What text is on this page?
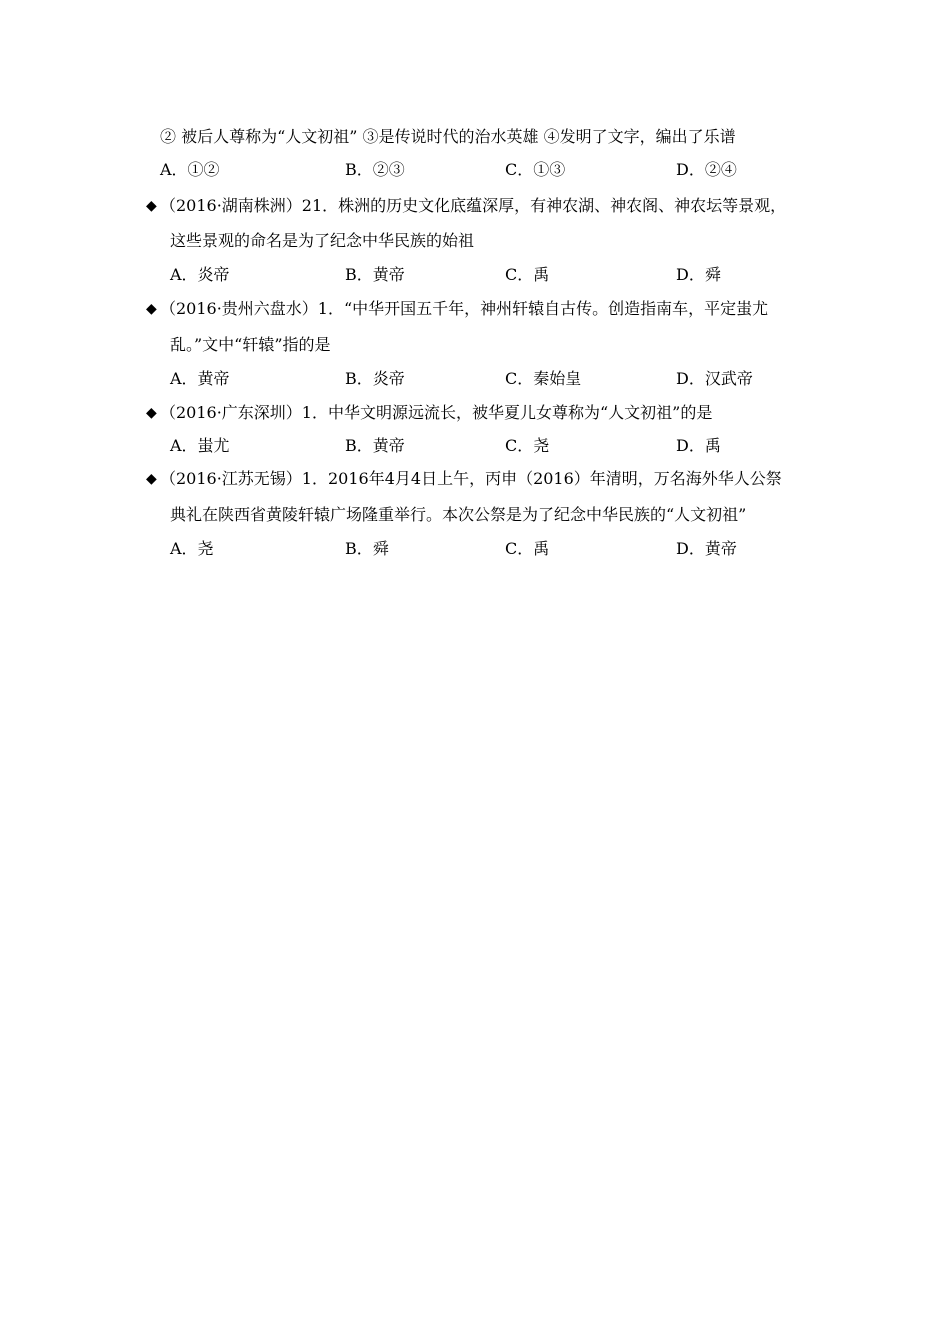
② 被后人尊称为“人文初祖” ③是传说时代的治水英雄 ④发明了文字，编出了乐谱
A．①②	B．②③	C．①③	D．②④
◆ （2016·湖南株洲）21．株洲的历史文化底蕴深厚，有神农湖、神农阁、神农坛等景观，
这些景观的命名是为了纪念中华民族的始祖
A．炎帝	B．黄帝	C．禹	D．舜
◆ （2016·贵州六盘水）1．“中华开国五千年，神州轩辕自古传。创造指南车，平定蚩尤
乱。”文中“轩辕”指的是
A．黄帝	B．炎帝	C．秦始皇	D．汉武帝
◆ （2016·广东深圳）1．中华文明源远流长，被华夏儿女尊称为“人文初祖”的是
A．蚩尤	B．黄帝	C．尧	D．禹
◆ （2016·江苏无锡）1．2016年4月4日上午，丙申（2016）年清明，万名海外华人公祭
典礼在陕西省黄陵轩辕广场隆重举行。本次公祭是为了纪念中华民族的“人文初祖”
A．尧	B．舜	C．禹	D．黄帝
